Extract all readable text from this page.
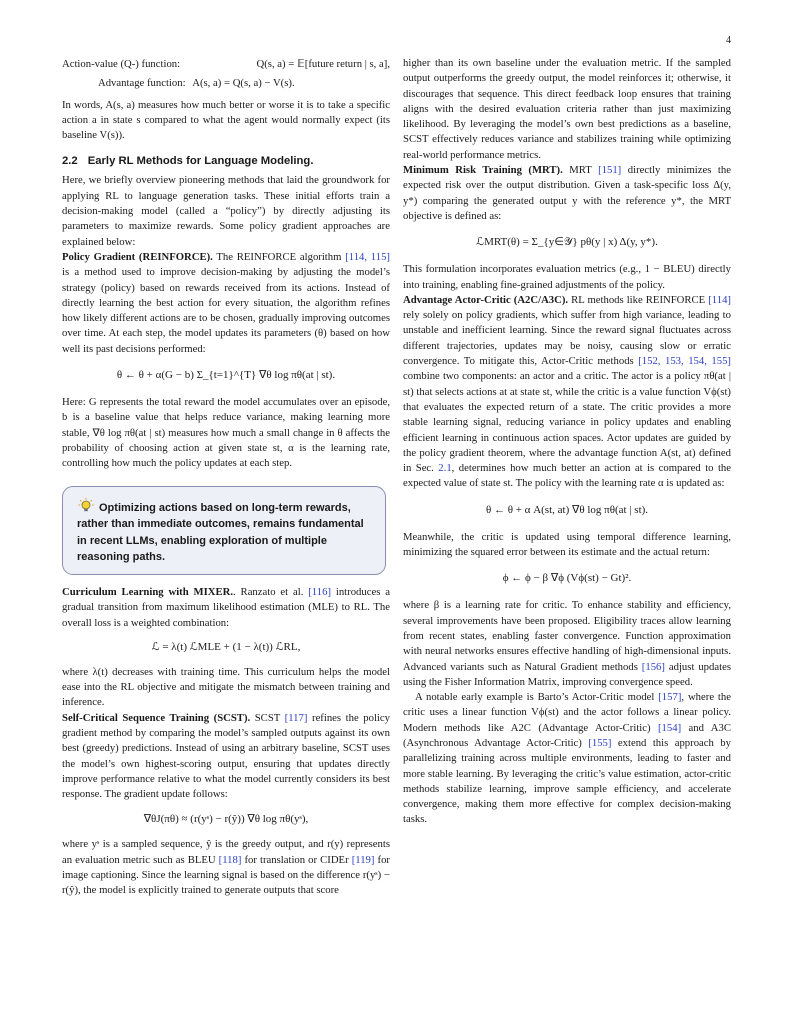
4
Action-value (Q-) function:	Q(s, a) = 𝔼[future return | s, a],
Advantage function: A(s, a) = Q(s, a) − V(s).

In words, A(s, a) measures how much better or worse it is to take a specific action a in state s compared to what the agent would normally expect (its baseline V(s)).

2.2 Early RL Methods for Language Modeling.

Here, we briefly overview pioneering methods that laid the groundwork for applying RL to language generation tasks. These initial efforts train a decision-making model (called a “policy”) by directly adjusting its parameters to maximize rewards. Some policy gradient approaches are explained below:

Policy Gradient (REINFORCE). The REINFORCE algorithm [114, 115] is a method used to improve decision-making by adjusting the model’s strategy (policy) based on rewards received from its actions. Instead of directly learning the best action for every situation, the algorithm refines how likely different actions are to be chosen, gradually improving outcomes over time. At each step, the model updates its parameters (θ) based on how well its past decisions performed:

θ ← θ + α(G − b) Σ_{t=1}^{T} ∇θ log πθ(at | st).

Here: G represents the total reward the model accumulates over an episode, b is a baseline value that helps reduce variance, making learning more stable, ∇θ log πθ(at | st) measures how much a small change in θ affects the probability of choosing action at given state st, α is the learning rate, controlling how much the policy updates at each step.

Optimizing actions based on long-term rewards, rather than immediate outcomes, remains fundamental in recent LLMs, enabling exploration of multiple reasoning paths.

Curriculum Learning with MIXER.. Ranzato et al. [116] introduces a gradual transition from maximum likelihood estimation (MLE) to RL. The overall loss is a weighted combination:

ℒ = λ(t) ℒMLE + (1 − λ(t)) ℒRL,

where λ(t) decreases with training time. This curriculum helps the model ease into the RL objective and mitigate the mismatch between training and inference.

Self-Critical Sequence Training (SCST). SCST [117] refines the policy gradient method by comparing the model’s sampled outputs against its own best (greedy) predictions. Instead of using an arbitrary baseline, SCST uses the model’s own highest-scoring output, ensuring that updates directly improve performance relative to what the model currently considers its best response. The gradient update follows:

∇θJ(πθ) ≈ (r(yˢ) − r(ŷ)) ∇θ log πθ(yˢ),

where yˢ is a sampled sequence, ŷ is the greedy output, and r(y) represents an evaluation metric such as BLEU [118] for translation or CIDEr [119] for image captioning. Since the learning signal is based on the difference r(yˢ) − r(ŷ), the model is explicitly trained to generate outputs that score

higher than its own baseline under the evaluation metric. If the sampled output outperforms the greedy output, the model reinforces it; otherwise, it discourages that sequence. This direct feedback loop ensures that training aligns with the desired evaluation criteria rather than just maximizing likelihood. By leveraging the model’s own best predictions as a baseline, SCST effectively reduces variance and stabilizes training while optimizing real-world performance metrics.

Minimum Risk Training (MRT). MRT [151] directly minimizes the expected risk over the output distribution. Given a task-specific loss Δ(y, y*) comparing the generated output y with the reference y*, the MRT objective is defined as:

ℒMRT(θ) = Σ_{y∈𝒴} pθ(y | x) Δ(y, y*).

This formulation incorporates evaluation metrics (e.g., 1 − BLEU) directly into training, enabling fine-grained adjustments of the policy.

Advantage Actor-Critic (A2C/A3C). RL methods like REINFORCE [114] rely solely on policy gradients, which suffer from high variance, leading to unstable and inefficient learning. Since the reward signal fluctuates across different trajectories, updates may be noisy, causing slow or erratic convergence. To mitigate this, Actor-Critic methods [152, 153, 154, 155] combine two components: an actor and a critic. The actor is a policy πθ(at | st) that selects actions at at state st, while the critic is a value function Vϕ(st) that evaluates the expected return of a state. The critic provides a more stable learning signal, reducing variance in policy updates and enabling efficient learning in continuous action spaces. Actor updates are guided by the policy gradient theorem, where the advantage function A(st, at) defined in Sec. 2.1, determines how much better an action at is compared to the expected value of state st. The policy with the learning rate α is updated as:

θ ← θ + α A(st, at) ∇θ log πθ(at | st).

Meanwhile, the critic is updated using temporal difference learning, minimizing the squared error between its estimate and the actual return:

ϕ ← ϕ − β ∇ϕ (Vϕ(st) − Gt)².

where β is a learning rate for critic. To enhance stability and efficiency, several improvements have been proposed. Eligibility traces allow learning from recent states, enabling faster convergence. Function approximation with neural networks ensures effective handling of high-dimensional inputs. Advanced variants such as Natural Gradient methods [156] adjust updates using the Fisher Information Matrix, improving convergence speed.

A notable early example is Barto’s Actor-Critic model [157], where the critic uses a linear function Vϕ(st) and the actor follows a linear policy. Modern methods like A2C (Advantage Actor-Critic) [154] and A3C (Asynchronous Advantage Actor-Critic) [155] extend this approach by parallelizing training across multiple environments, leading to faster and more stable learning. By leveraging the critic’s value estimation, actor-critic methods stabilize learning, improve sample efficiency, and accelerate convergence, making them more effective for complex decision-making tasks.
